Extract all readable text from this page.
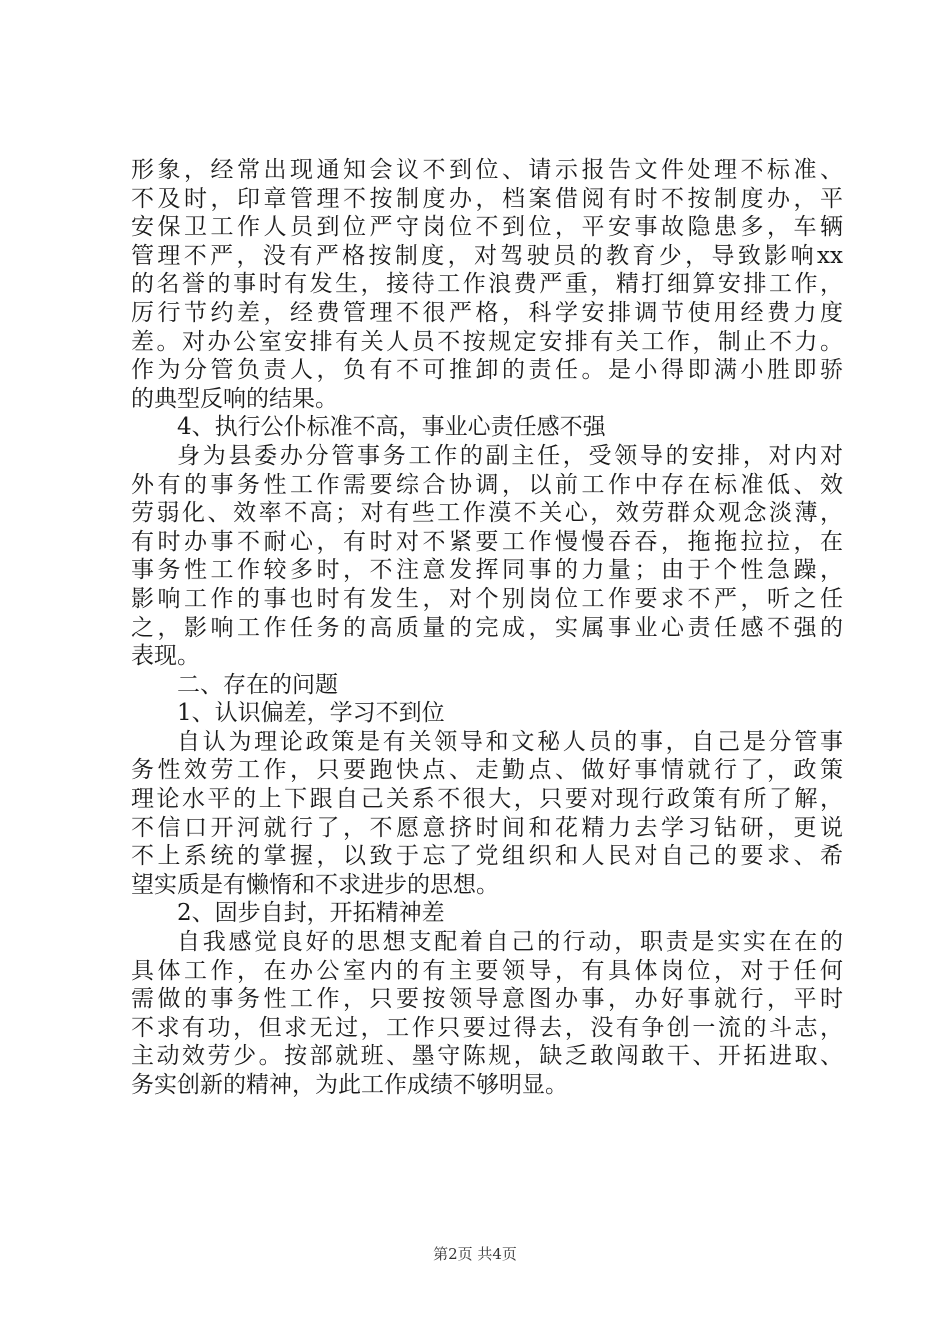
形象，经常出现通知会议不到位、请示报告文件处理不标准、
不及时，印章管理不按制度办，档案借阅有时不按制度办，平
安保卫工作人员到位严守岗位不到位，平安事故隐患多，车辆
管理不严，没有严格按制度，对驾驶员的教育少，导致影响xx
的名誉的事时有发生，接待工作浪费严重，精打细算安排工作，
厉行节约差，经费管理不很严格，科学安排调节使用经费力度
差。对办公室安排有关人员不按规定安排有关工作，制止不力。
作为分管负责人，负有不可推卸的责任。是小得即满小胜即骄
的典型反响的结果。
4、执行公仆标准不高，事业心责任感不强
身为县委办分管事务工作的副主任，受领导的安排，对内对
外有的事务性工作需要综合协调，以前工作中存在标准低、效
劳弱化、效率不高；对有些工作漠不关心，效劳群众观念淡薄，
有时办事不耐心，有时对不紧要工作慢慢吞吞，拖拖拉拉，在
事务性工作较多时，不注意发挥同事的力量；由于个性急躁，
影响工作的事也时有发生，对个别岗位工作要求不严，听之任
之，影响工作任务的高质量的完成，实属事业心责任感不强的
表现。
二、存在的问题
1、认识偏差，学习不到位
自认为理论政策是有关领导和文秘人员的事，自己是分管事
务性效劳工作，只要跑快点、走勤点、做好事情就行了，政策
理论水平的上下跟自己关系不很大，只要对现行政策有所了解，
不信口开河就行了，不愿意挤时间和花精力去学习钻研，更说
不上系统的掌握，以致于忘了党组织和人民对自己的要求、希
望实质是有懒惰和不求进步的思想。
2、固步自封，开拓精神差
自我感觉良好的思想支配着自己的行动，职责是实实在在的
具体工作，在办公室内的有主要领导，有具体岗位，对于任何
需做的事务性工作，只要按领导意图办事，办好事就行，平时
不求有功，但求无过，工作只要过得去，没有争创一流的斗志，
主动效劳少。按部就班、墨守陈规，缺乏敢闯敢干、开拓进取、
务实创新的精神，为此工作成绩不够明显。
第2页 共4页
